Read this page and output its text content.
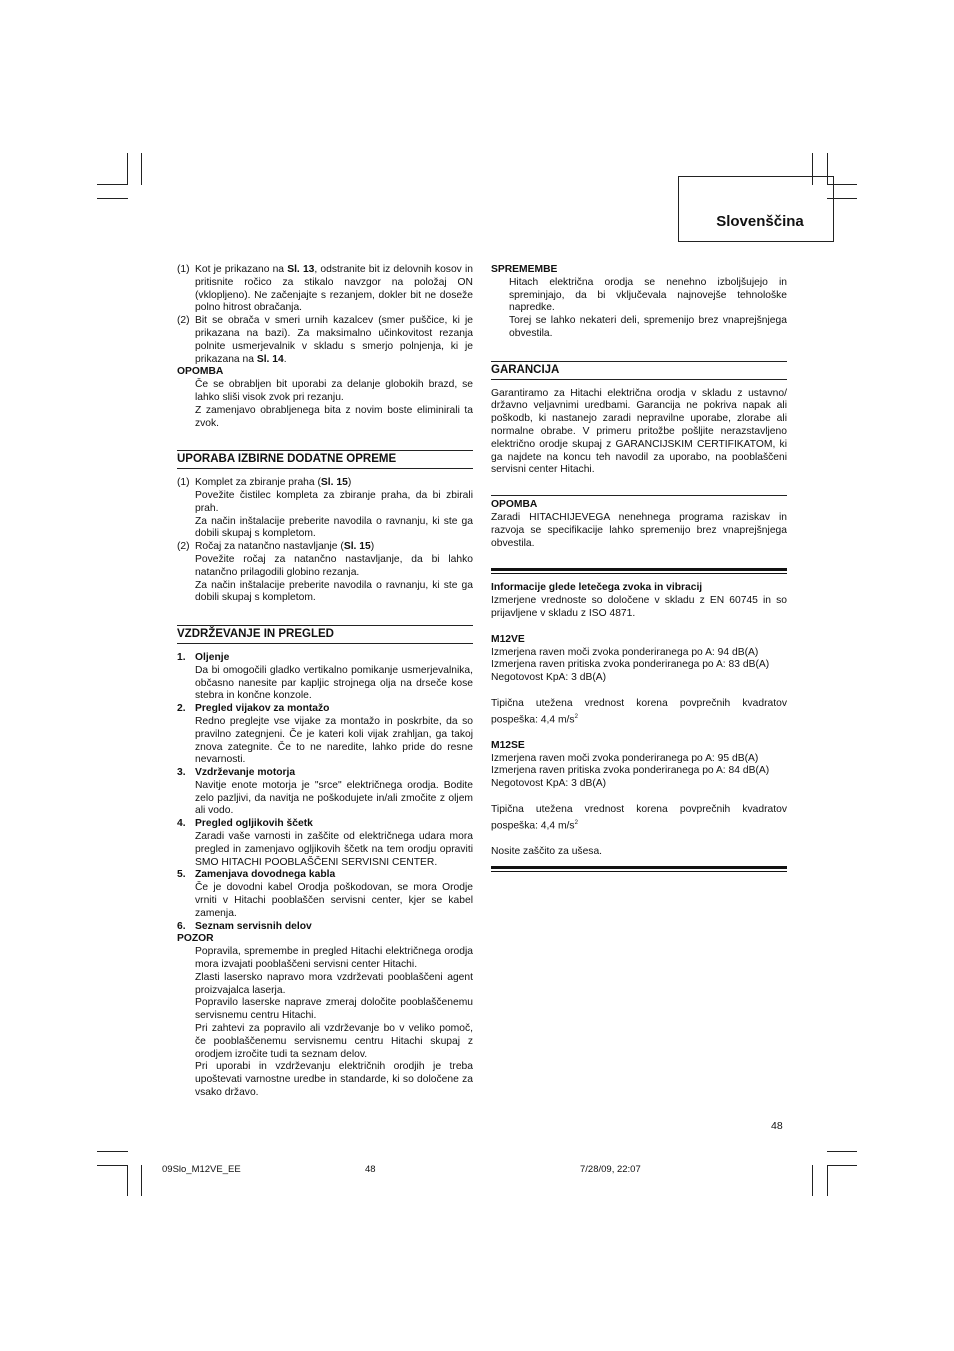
Slovenščina
(1) Kot je prikazano na Sl. 13, odstranite bit iz delovnih kosov in pritisnite ročico za stikalo navzgor na položaj ON (vklopljeno). Ne začenjajte s rezanjem, dokler bit ne doseže polno hitrost obračanja.
(2) Bit se obrača v smeri urnih kazalcev (smer puščice, ki je prikazana na bazi). Za maksimalno učinkovitost rezanja polnite usmerjevalnik v skladu s smerjo polnjenja, ki je prikazana na Sl. 14.

OPOMBA

Če se obrabljen bit uporabi za delanje globokih brazd, se lahko sliši visok zvok pri rezanju.

Z zamenjavo obrabljenega bita z novim boste eliminirali ta zvok.

UPORABA IZBIRNE DODATNE OPREME
(1) Komplet za zbiranje praha (Sl. 15)

Povežite čistilec kompleta za zbiranje praha, da bi zbirali prah.

Za način inštalacije preberite navodila o ravnanju, ki ste ga dobili skupaj s kompletom.

(2) Ročaj za natančno nastavljanje (Sl. 15)

Povežite ročaj za natančno nastavljanje, da bi lahko natančno prilagodili globino rezanja.

Za način inštalacije preberite navodila o ravnanju, ki ste ga dobili skupaj s kompletom.

VZDRŽEVANJE IN PREGLED
1. Oljenje

Da bi omogočili gladko vertikalno pomikanje usmerjevalnika, občasno nanesite par kapljic strojnega olja na drseče kose stebra in končne konzole.

2. Pregled vijakov za montažo

Redno preglejte vse vijake za montažo in poskrbite, da so pravilno zategnjeni. Če je kateri koli vijak zrahljan, ga takoj znova zategnite. Če to ne naredite, lahko pride do resne nevarnosti.

3. Vzdrževanje motorja

Navitje enote motorja je "srce" električnega orodja. Bodite zelo pazljivi, da navitja ne poškodujete in/ali zmočite z oljem ali vodo.

4. Pregled ogljikovih ščetk

Zaradi vaše varnosti in zaščite od električnega udara mora pregled in zamenjavo ogljikovih ščetk na tem orodju opraviti SMO HITACHI POOBLAŠČENI SERVISNI CENTER.

5. Zamenjava dovodnega kabla

Če je dovodni kabel Orodja poškodovan, se mora Orodje vrniti v Hitachi pooblaščen servisni center, kjer se kabel zamenja.

6. Seznam servisnih delov

POZOR

Popravila, spremembe in pregled Hitachi električnega orodja mora izvajati pooblaščeni servisni center Hitachi.

Zlasti lasersko napravo mora vzdrževati pooblaščeni agent proizvajalca laserja.

Popravilo laserske naprave zmeraj določite pooblaščenemu servisnemu centru Hitachi.

Pri zahtevi za popravilo ali vzdrževanje bo v veliko pomoč, če pooblaščenemu servisnemu centru Hitachi skupaj z orodjem izročite tudi ta seznam delov.

Pri uporabi in vzdrževanju električnih orodjih je treba upoštevati varnostne uredbe in standarde, ki so določene za vsako državo.

SPREMEMBE

Hitach električna orodja se nenehno izboljšujejo in spreminjajo, da bi vključevala najnovejše tehnološke napredke.

Torej se lahko nekateri deli, spremenijo brez vnaprejšnjega obvestila.

GARANCIJA

Garantiramo za Hitachi električna orodja v skladu z ustavno/ državno veljavnimi uredbami. Garancija ne pokriva napak ali poškodb, ki nastanejo zaradi nepravilne uporabe, zlorabe ali normalne obrabe. V primeru pritožbe pošljite nerazstavljeno električno orodje skupaj z GARANCIJSKIM CERTIFIKATOM, ki ga najdete na koncu teh navodil za uporabo, na pooblaščeni servisni center Hitachi.

OPOMBA

Zaradi HITACHIJEVEGA nenehnega programa raziskav in razvoja se specifikacije lahko spremenijo brez vnaprejšnjega obvestila.

Informacije glede letečega zvoka in vibracij

Izmerjene vrednoste so določene v skladu z EN 60745 in so prijavljene v skladu z ISO 4871.

M12VE

Izmerjena raven moči zvoka ponderiranega po A: 94 dB(A)

Izmerjena raven pritiska zvoka ponderiranega po A: 83 dB(A)

Negotovost KpA: 3 dB(A)

Tipična utežena vrednost korena povprečnih kvadratov pospeška: 4,4 $m/s^2$

M12SE

Izmerjena raven moči zvoka ponderiranega po A: 95 dB(A)

Izmerjena raven pritiska zvoka ponderiranega po A: 84 dB(A)

Negotovost KpA: 3 dB(A)

Tipična utežena vrednost korena povprečnih kvadratov pospeška: 4,4 $m/s^2$

Nosite zaščito za ušesa.

48
09Slo_M12VE_EE	48	7/28/09, 22:07
